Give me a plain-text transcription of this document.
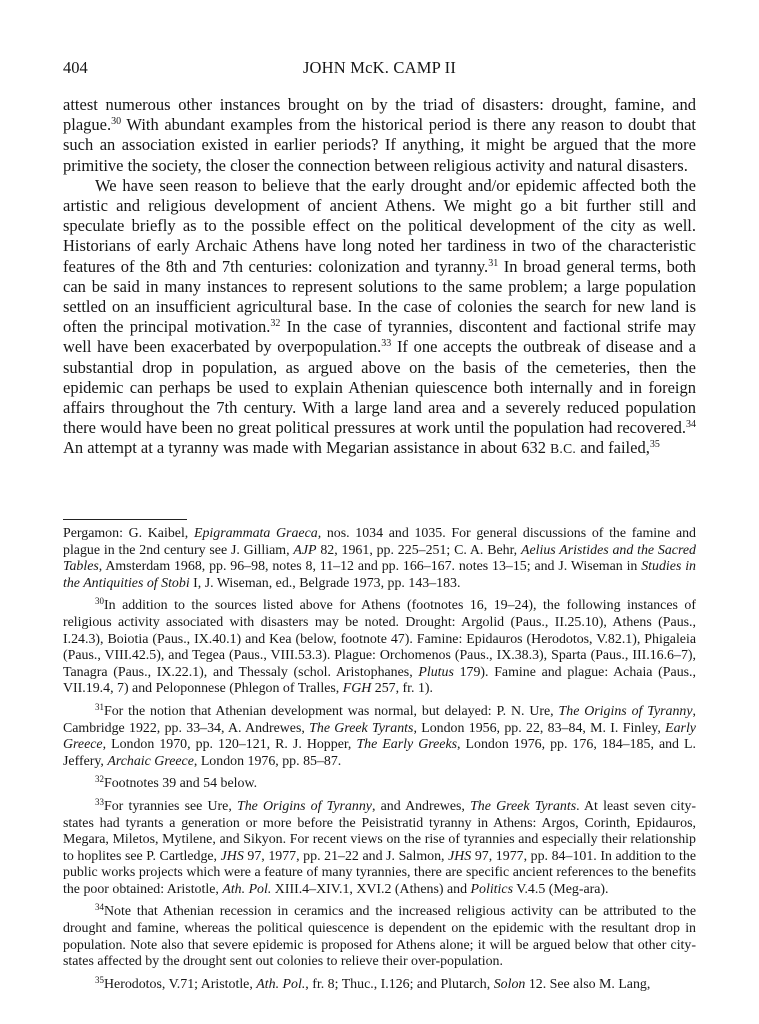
404	JOHN McK. CAMP II

attest numerous other instances brought on by the triad of disasters: drought, famine, and plague.$^{30}$ With abundant examples from the historical period is there any reason to doubt that such an association existed in earlier periods? If anything, it might be argued that the more primitive the society, the closer the connection between religious activity and natural disasters.

We have seen reason to believe that the early drought and/or epidemic affected both the artistic and religious development of ancient Athens. We might go a bit further still and speculate briefly as to the possible effect on the political development of the city as well. Historians of early Archaic Athens have long noted her tardiness in two of the characteristic features of the 8th and 7th centuries: colonization and tyranny.$^{31}$ In broad general terms, both can be said in many instances to represent solutions to the same problem; a large population settled on an insufficient agricultural base. In the case of colonies the search for new land is often the principal motivation.$^{32}$ In the case of tyrannies, discontent and factional strife may well have been exacerbated by overpopulation.$^{33}$ If one accepts the outbreak of disease and a substantial drop in population, as argued above on the basis of the cemeteries, then the epidemic can perhaps be used to explain Athenian quiescence both internally and in foreign affairs throughout the 7th century. With a large land area and a severely reduced population there would have been no great political pressures at work until the population had recovered.$^{34}$ An attempt at a tyranny was made with Megarian assistance in about 632 B.C. and failed,$^{35}$

Pergamon: G. Kaibel, Epigrammata Graeca, nos. 1034 and 1035. For general discussions of the famine and plague in the 2nd century see J. Gilliam, AJP 82, 1961, pp. 225–251; C. A. Behr, Aelius Aristides and the Sacred Tables, Amsterdam 1968, pp. 96–98, notes 8, 11–12 and pp. 166–167. notes 13–15; and J. Wiseman in Studies in the Antiquities of Stobi I, J. Wiseman, ed., Belgrade 1973, pp. 143–183.

$^{30}$In addition to the sources listed above for Athens (footnotes 16, 19–24), the following instances of religious activity associated with disasters may be noted. Drought: Argolid (Paus., II.25.10), Athens (Paus., I.24.3), Boiotia (Paus., IX.40.1) and Kea (below, footnote 47). Famine: Epidauros (Herodotos, V.82.1), Phigaleia (Paus., VIII.42.5), and Tegea (Paus., VIII.53.3). Plague: Orchomenos (Paus., IX.38.3), Sparta (Paus., III.16.6–7), Tanagra (Paus., IX.22.1), and Thessaly (schol. Aristophanes, Plutus 179). Famine and plague: Achaia (Paus., VII.19.4, 7) and Peloponnese (Phlegon of Tralles, FGH 257, fr. 1).

$^{31}$For the notion that Athenian development was normal, but delayed: P. N. Ure, The Origins of Tyranny, Cambridge 1922, pp. 33–34, A. Andrewes, The Greek Tyrants, London 1956, pp. 22, 83–84, M. I. Finley, Early Greece, London 1970, pp. 120–121, R. J. Hopper, The Early Greeks, London 1976, pp. 176, 184–185, and L. Jeffery, Archaic Greece, London 1976, pp. 85–87.

$^{32}$Footnotes 39 and 54 below.

$^{33}$For tyrannies see Ure, The Origins of Tyranny, and Andrewes, The Greek Tyrants. At least seven city-states had tyrants a generation or more before the Peisistratid tyranny in Athens: Argos, Corinth, Epidauros, Megara, Miletos, Mytilene, and Sikyon. For recent views on the rise of tyrannies and especially their relationship to hoplites see P. Cartledge, JHS 97, 1977, pp. 21–22 and J. Salmon, JHS 97, 1977, pp. 84–101. In addition to the public works projects which were a feature of many tyrannies, there are specific ancient references to the benefits the poor obtained: Aristotle, Ath. Pol. XIII.4–XIV.1, XVI.2 (Athens) and Politics V.4.5 (Meg-ara).

$^{34}$Note that Athenian recession in ceramics and the increased religious activity can be attributed to the drought and famine, whereas the political quiescence is dependent on the epidemic with the resultant drop in population. Note also that severe epidemic is proposed for Athens alone; it will be argued below that other city-states affected by the drought sent out colonies to relieve their over-population.

$^{35}$Herodotos, V.71; Aristotle, Ath. Pol., fr. 8; Thuc., I.126; and Plutarch, Solon 12. See also M. Lang,
